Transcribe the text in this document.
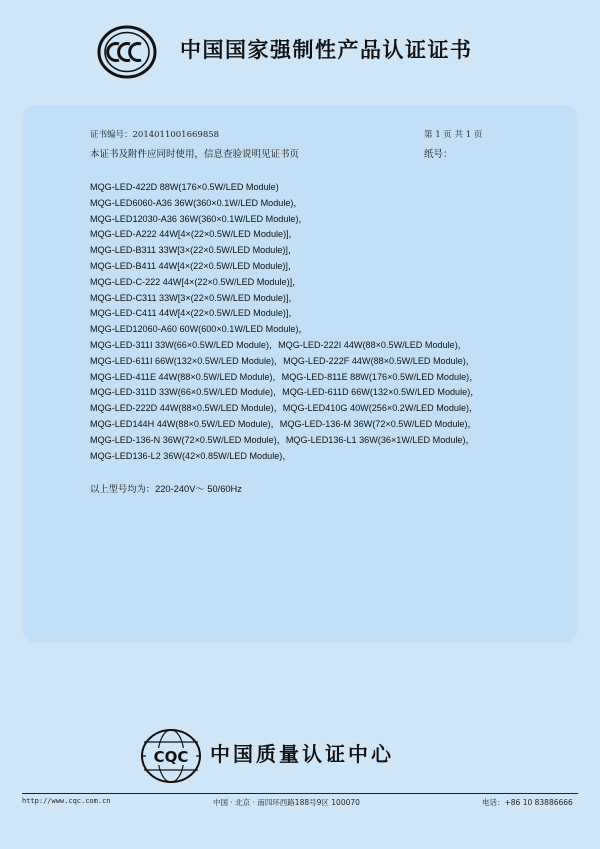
中国国家强制性产品认证证书
证书编号：2014011001669858	第 1 页 共 1 页
本证书及附件应同时使用，信息查验说明见证书页	纸号：
MQG-LED-422D 88W(176×0.5W/LED Module)
MQG-LED6060-A36 36W(360×0.1W/LED Module)，
MQG-LED12030-A36 36W(360×0.1W/LED Module)，
MQG-LED-A222 44W[4×(22×0.5W/LED Module)]，
MQG-LED-B311 33W[3×(22×0.5W/LED Module)]，
MQG-LED-B411 44W[4×(22×0.5W/LED Module)]，
MQG-LED-C-222 44W[4×(22×0.5W/LED Module)]，
MQG-LED-C311 33W[3×(22×0.5W/LED Module)]，
MQG-LED-C411 44W[4×(22×0.5W/LED Module)]，
MQG-LED12060-A60 60W(600×0.1W/LED Module)，
MQG-LED-311I 33W(66×0.5W/LED Module)，MQG-LED-222I 44W(88×0.5W/LED Module)，
MQG-LED-611I 66W(132×0.5W/LED Module)，MQG-LED-222F 44W(88×0.5W/LED Module)，
MQG-LED-411E 44W(88×0.5W/LED Module)，MQG-LED-811E 88W(176×0.5W/LED Module)，
MQG-LED-311D 33W(66×0.5W/LED Module)，MQG-LED-611D 66W(132×0.5W/LED Module)，
MQG-LED-222D 44W(88×0.5W/LED Module)，MQG-LED410G 40W(256×0.2W/LED Module)，
MQG-LED144H 44W(88×0.5W/LED Module)，MQG-LED-136-M 36W(72×0.5W/LED Module)，
MQG-LED-136-N 36W(72×0.5W/LED Module)，MQG-LED136-L1 36W(36×1W/LED Module)，
MQG-LED136-L2 36W(42×0.85W/LED Module)，
以上型号均为：220-240V～ 50/60Hz
CQC 中国质量认证中心
http://www.cqc.com.cn	中国 · 北京 · 南四环西路188号9区 100070	电话：+86 10 83886666
